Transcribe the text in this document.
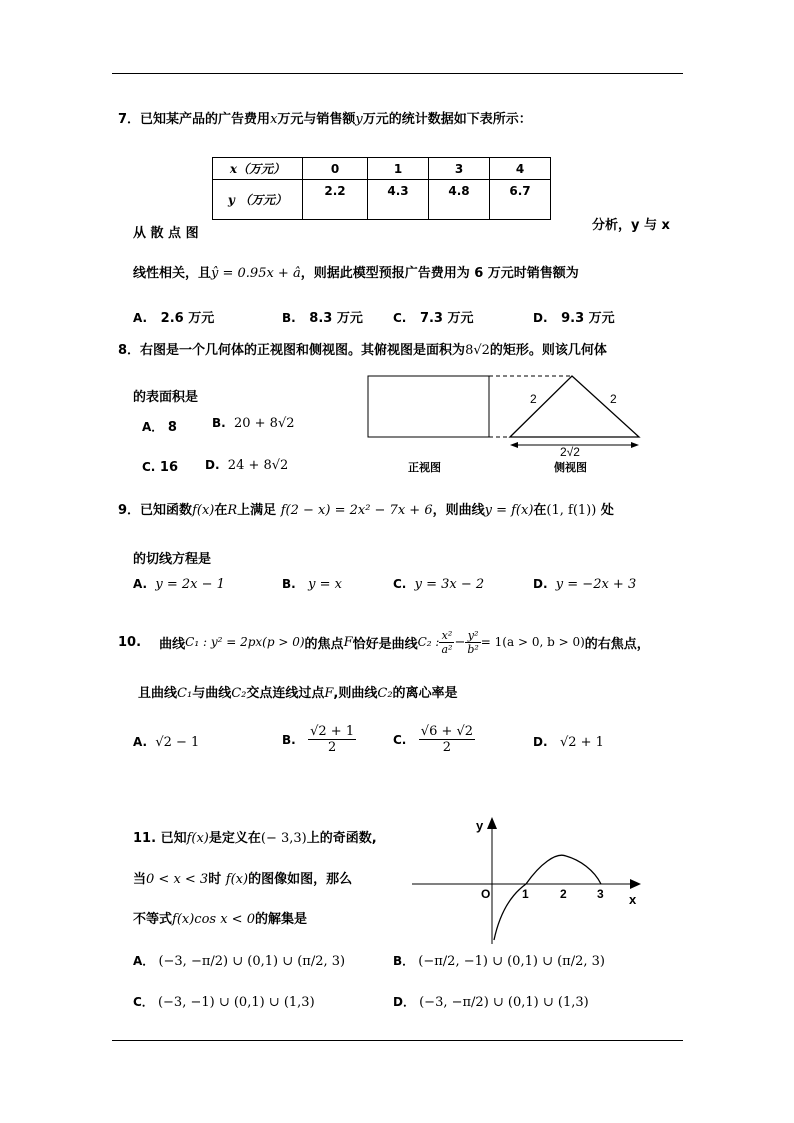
7．已知某产品的广告费用x万元与销售额y万元的统计数据如下表所示：
x（万元）	0	1	3	4
y （万元）	2.2	4.3	4.8	6.7
从 散 点 图
分析，y 与 x
线性相关，且ŷ = 0.95x + â，则据此模型预报广告费用为 6 万元时销售额为
A. 2.6 万元	B. 8.3 万元	C. 7.3 万元	D. 9.3 万元
8．右图是一个几何体的正视图和侧视图。其俯视图是面积为8√2的矩形。则该几何体
的表面积是
A． 8	B. 20 + 8√2
C. 16 D. 24 + 8√2
2	2
2√2
正视图	侧视图
9．已知函数f(x)在R上满足 f(2 − x) = 2x² − 7x + 6，则曲线y = f(x)在(1, f(1)) 处
的切线方程是
A. y = 2x − 1	B. y = x	C. y = 3x − 2	D. y = −2x + 3
10.
曲线 C₁ : y² = 2px(p > 0) 的焦点 F 恰好是曲线 C₂ : $\frac{\text{x²}}{\text{a²}} - \frac{\text{y²}}{\text{b²}} = 1(a > 0$, b > 0) 的右焦点，
且曲线C₁与曲线C₂交点连线过点F,则曲线C₂的离心率是
A. √2 − 1	B.
$\frac{√2 + 1}{2}$	C.
$\frac{√6 + √2}{2}$	D. √2 + 1
11. 已知f(x)是定义在(− 3,3)上的奇函数,
当0 < x < 3时 f(x)的图像如图，那么
不等式f(x)cos x < 0的解集是
y
x
O	1	2	3
A． (−3, −π/2) ∪ (0,1) ∪ (π/2, 3)	B． (−π/2, −1) ∪ (0,1) ∪ (π/2, 3)
C． (−3, −1) ∪ (0,1) ∪ (1,3)	D． (−3, −π/2) ∪ (0,1) ∪ (1,3)
